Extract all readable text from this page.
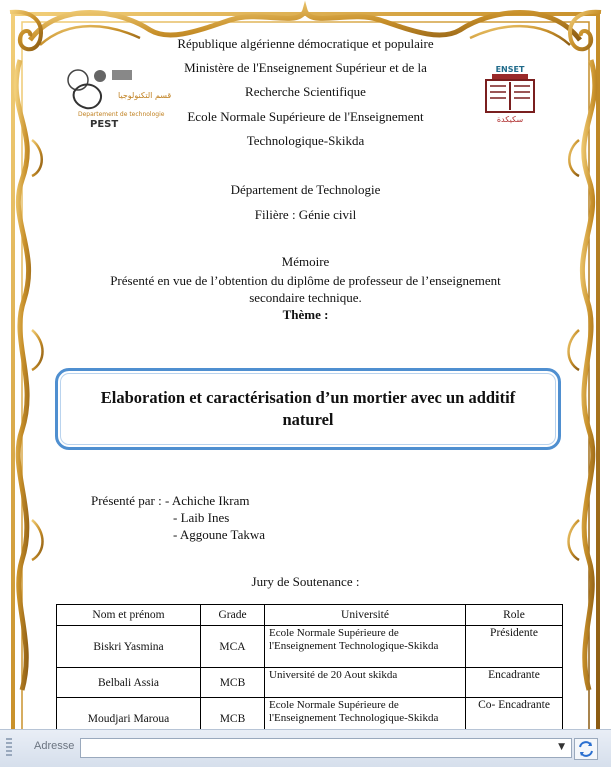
République algérienne démocratique et populaire
Ministère de l'Enseignement Supérieur et de la
Recherche Scientifique
Ecole Normale Supérieure de l'Enseignement
Technologique-Skikda
قسم التكنولوجيا
Departement de technologie
PEST
ENSET
سكيكدة
Département de Technologie
Filière : Génie civil
Mémoire
Présenté en vue de l’obtention du diplôme de professeur de l’enseignement
secondaire technique.
Thème :
Elaboration et caractérisation d’un mortier avec un additif naturel
Présenté par : - Achiche Ikram
- Laib Ines
- Aggoune Takwa
Jury de Soutenance :
Nom et prénom	Grade	Université	Role
Biskri Yasmina	MCA	Ecole Normale Supérieure de l'Enseignement Technologique-Skikda	Présidente
Belbali Assia	MCB	Université de 20 Aout skikda	Encadrante
Moudjari Maroua	MCB	Ecole Normale Supérieure de l'Enseignement Technologique-Skikda	Co- Encadrante
Adresse	▼
